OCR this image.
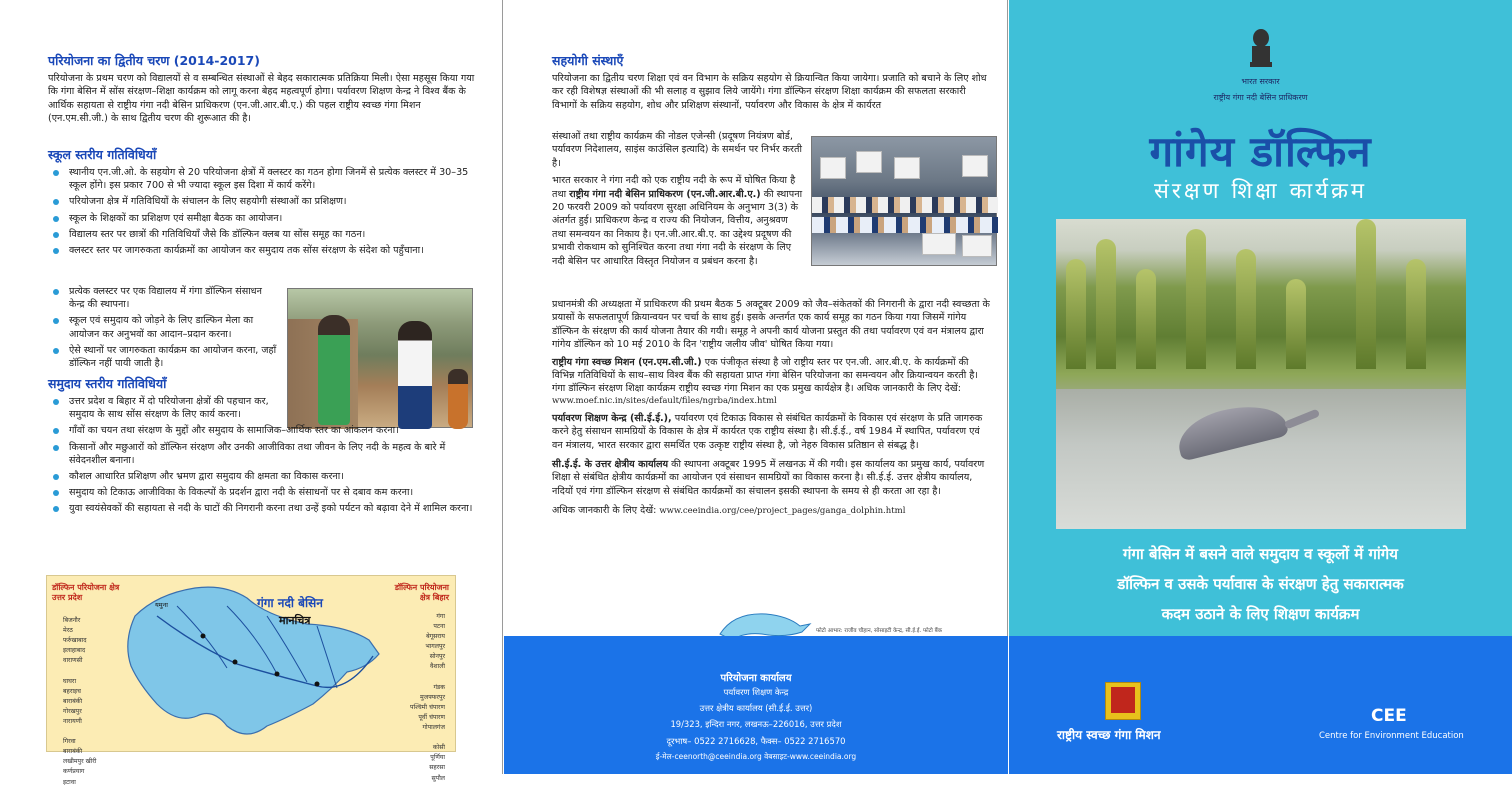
परियोजना का द्वितीय चरण (2014-2017)
परियोजना के प्रथम चरण को विद्यालयों से व सम्बन्धित संस्थाओं से बेहद सकारात्मक प्रतिक्रिया मिली। ऐसा महसूस किया गया कि गंगा बेसिन में सोंस संरक्षण–शिक्षा कार्यक्रम को लागू करना बेहद महत्वपूर्ण होगा। पर्यावरण शिक्षण केन्द्र ने विश्व बैंक के आर्थिक सहायता से राष्ट्रीय गंगा नदी बेसिन प्राधिकरण (एन.जी.आर.बी.ए.) की पहल राष्ट्रीय स्वच्छ गंगा मिशन (एन.एम.सी.जी.) के साथ द्वितीय चरण की शुरूआत की है।
स्कूल स्तरीय गतिविधियाँ
स्थानीय एन.जी.ओ. के सहयोग से 20 परियोजना क्षेत्रों में क्लस्टर का गठन होगा जिनमें से प्रत्येक क्लस्टर में 30–35 स्कूल होंगे। इस प्रकार 700 से भी ज्यादा स्कूल इस दिशा में कार्य करेंगे।
परियोजना क्षेत्र में गतिविधियों के संचालन के लिए सहयोगी संस्थाओं का प्रशिक्षण।
स्कूल के शिक्षकों का प्रशिक्षण एवं समीक्षा बैठक का आयोजन।
विद्यालय स्तर पर छात्रों की गतिविधियाँ जैसे कि डॉल्फिन क्लब या सोंस समूह का गठन।
क्लस्टर स्तर पर जागरुकता कार्यक्रमों का आयोजन कर समुदाय तक सोंस संरक्षण के संदेश को पहुँचाना।
प्रत्येक क्लस्टर पर एक विद्यालय में गंगा डॉल्फिन संसाधन केन्द्र की स्थापना।
स्कूल एवं समुदाय को जोड़ने के लिए डाल्फिन मेला का आयोजन कर अनुभवों का आदान–प्रदान करना।
ऐसे स्थानों पर जागरुकता कार्यक्रम का आयोजन करना, जहाँ डॉल्फिन नहीं पायी जाती है।
समुदाय स्तरीय गतिविधियाँ
उत्तर प्रदेश व बिहार में दो परियोजना क्षेत्रों की पहचान कर, समुदाय के साथ सोंस संरक्षण के लिए कार्य करना।
गाँवों का चयन तथा संरक्षण के मुद्दों और समुदाय के सामाजिक–आर्थिक स्तर का आंकलन करना।
किसानों और मछुआरों को डॉल्फिन संरक्षण और उनकी आजीविका तथा जीवन के लिए नदी के महत्व के बारे में संवेदनशील बनाना।
कौशल आधारित प्रशिक्षण और भ्रमण द्वारा समुदाय की क्षमता का विकास करना।
समुदाय को टिकाऊ आजीविका के विकल्पों के प्रदर्शन द्वारा नदी के संसाधनों पर से दबाव कम करना।
युवा स्वयंसेवकों की सहायता से नदी के घाटों की निगरानी करना तथा उन्हें इको पर्यटन को बढ़ावा देने में शामिल करना।
डॉल्फिन परियोजना क्षेत्र
उत्तर प्रदेश
डॉल्फिन परियोजना
क्षेत्र बिहार
गंगा नदी बेसिन
मानचित्र
बिजनौर
मेरठ
फर्रुखाबाद
इलाहाबाद
वाराणसी

घाघरा
बहराइच
बाराबंकी
गोरखपुर
नारायणी

गिरवा
बाराबंकी
लखीमपुर खीरी
कर्णप्रयाग
इटावा
गंगा
पटना
बेगूसराय
भागलपुर
सोनपुर
वैशाली

गंडक
मुजफ्फरपुर
पश्चिमी चंपारण
पूर्वी चंपारण
गोपालगंज

कोसी
पूर्णिया
सहरसा
सुपौल
यमुना
सहयोगी संस्थाएँ
परियोजना का द्वितीय चरण शिक्षा एवं वन विभाग के सक्रिय सहयोग से क्रियान्वित किया जायेगा। प्रजाति को बचाने के लिए शोध कर रही विशेषज्ञ संस्थाओं की भी सलाह व सुझाव लिये जायेंगे। गंगा डॉल्फिन संरक्षण शिक्षा कार्यक्रम की सफलता सरकारी विभागों के सक्रिय सहयोग, शोध और प्रशिक्षण संस्थानों, पर्यावरण और विकास के क्षेत्र में कार्यरत
संस्थाओं तथा राष्ट्रीय कार्यक्रम की नोडल एजेन्सी (प्रदूषण नियंत्रण बोर्ड, पर्यावरण निदेशालय, साइंस काउंसिल इत्यादि) के समर्थन पर निर्भर करती है।
भारत सरकार ने गंगा नदी को एक राष्ट्रीय नदी के रूप में घोषित किया है तथा राष्ट्रीय गंगा नदी बेसिन प्राधिकरण (एन.जी.आर.बी.ए.) की स्थापना 20 फरवरी 2009 को पर्यावरण सुरक्षा अधिनियम के अनुभाग 3(3) के अंतर्गत हुई। प्राधिकरण केन्द्र व राज्य की नियोजन, वित्तीय, अनुश्रवण तथा समन्वयन का निकाय है। एन.जी.आर.बी.ए. का उद्देश्य प्रदूषण की प्रभावी रोकथाम को सुनिश्चित करना तथा गंगा नदी के संरक्षण के लिए नदी बेसिन पर आधारित विस्तृत नियोजन व प्रबंधन करना है।
प्रधानमंत्री की अध्यक्षता में प्राधिकरण की प्रथम बैठक 5 अक्टूबर 2009 को जैव–संकेतकों की निगरानी के द्वारा नदी स्वच्छता के प्रयासों के सफलतापूर्ण क्रियान्वयन पर चर्चा के साथ हुई। इसके अन्तर्गत एक कार्य समूह का गठन किया गया जिसमें गांगेय डॉल्फिन के संरक्षण की कार्य योजना तैयार की गयी। समूह ने अपनी कार्य योजना प्रस्तुत की तथा पर्यावरण एवं वन मंत्रालय द्वारा गांगेय डॉल्फिन को 10 मई 2010 के दिन 'राष्ट्रीय जलीय जीव' घोषित किया गया।
राष्ट्रीय गंगा स्वच्छ मिशन (एन.एम.सी.जी.) एक पंजीकृत संस्था है जो राष्ट्रीय स्तर पर एन.जी. आर.बी.ए. के कार्यक्रमों की विभिन्न गतिविधियों के साथ–साथ विश्व बैंक की सहायता प्राप्त गंगा बेसिन परियोजना का समन्वयन और क्रियान्वयन करती है। गंगा डॉल्फिन संरक्षण शिक्षा कार्यक्रम राष्ट्रीय स्वच्छ गंगा मिशन का एक प्रमुख कार्यक्षेत्र है। अधिक जानकारी के लिए देखें:
www.moef.nic.in/sites/default/files/ngrba/index.html
पर्यावरण शिक्षण केन्द्र (सी.ई.ई.), पर्यावरण एवं टिकाऊ विकास से संबंधित कार्यक्रमों के विकास एवं संरक्षण के प्रति जागरुक करने हेतु संसाधन सामग्रियों के विकास के क्षेत्र में कार्यरत एक राष्ट्रीय संस्था है। सी.ई.ई., वर्ष 1984 में स्थापित, पर्यावरण एवं वन मंत्रालय, भारत सरकार द्वारा समर्थित एक उत्कृष्ट राष्ट्रीय संस्था है, जो नेहरु विकास प्रतिष्ठान से संबद्ध है।
सी.ई.ई. के उत्तर क्षेत्रीय कार्यालय की स्थापना अक्टूबर 1995 में लखनऊ में की गयी। इस कार्यालय का प्रमुख कार्य, पर्यावरण शिक्षा से संबंधित क्षेत्रीय कार्यक्रमों का आयोजन एवं संसाधन सामग्रियों का विकास करना है। सी.ई.ई. उत्तर क्षेत्रीय कार्यालय, नदियों एवं गंगा डॉल्फिन संरक्षण से संबंधित कार्यक्रमों का संचालन इसकी स्थापना के समय से ही करता आ रहा है।
अधिक जानकारी के लिए देखें: www.ceeindia.org/cee/project_pages/ganga_dolphin.html
फोटो आभार: राजीव चौहान, सोसाइटी केन्द्र, सी.ई.ई. फोटो बैंक
परियोजना कार्यालय
पर्यावरण शिक्षण केन्द्र
उत्तर क्षेत्रीय कार्यालय (सी.ई.ई. उत्तर)
19/323, इन्दिरा नगर, लखनऊ–226016, उत्तर प्रदेश
दूरभाष– 0522 2716628, फैक्स– 0522 2716570
ई-मेल-ceenorth@ceeindia.org वेबसाइट-www.ceeindia.org
भारत सरकार
राष्ट्रीय गंगा नदी बेसिन प्राधिकरण
गांगेय डॉल्फिन
संरक्षण शिक्षा कार्यक्रम
गंगा बेसिन में बसने वाले समुदाय व स्कूलों में गांगेय
डॉल्फिन व उसके पर्यावास के संरक्षण हेतु सकारात्मक
कदम उठाने के लिए शिक्षण कार्यक्रम
राष्ट्रीय स्वच्छ गंगा मिशन
CEE
Centre for Environment Education
